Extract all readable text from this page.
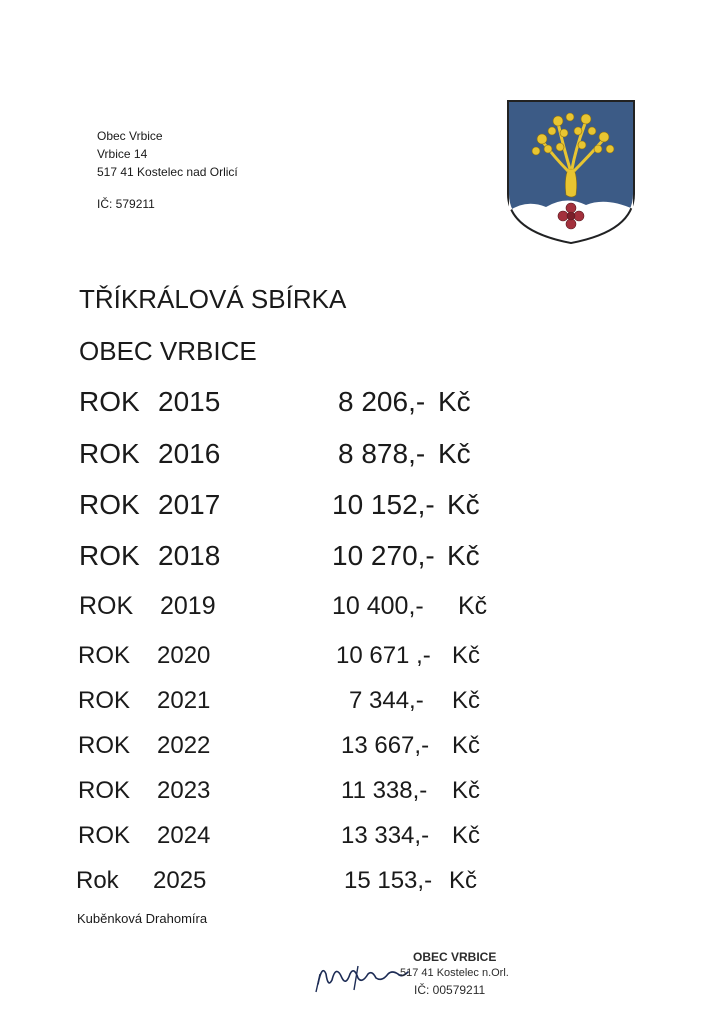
Obec Vrbice
Vrbice 14
517 41 Kostelec nad Orlicí
IČ: 579211
TŘÍKRÁLOVÁ SBÍRKA
OBEC VRBICE
ROK 2015	8 206,- Kč
ROK 2016	8 878,- Kč
ROK 2017	10 152,- Kč
ROK 2018	10 270,- Kč
ROK 2019	10 400,- Kč
ROK 2020	10 671 ,- Kč
ROK 2021	7 344,- Kč
ROK 2022	13 667,- Kč
ROK 2023	11 338,- Kč
ROK 2024	13 334,- Kč
Rok 2025	15 153,- Kč
Kuběnková Drahomíra
OBEC VRBICE
517 41 Kostelec n.Orl.
IČ: 00579211
